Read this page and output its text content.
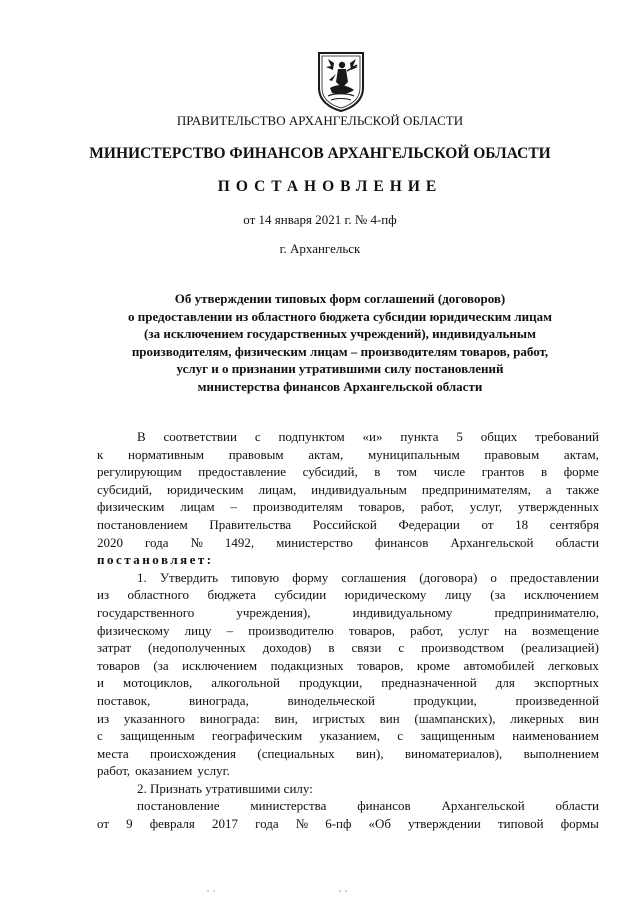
ПРАВИТЕЛЬСТВО АРХАНГЕЛЬСКОЙ ОБЛАСТИ
МИНИСТЕРСТВО ФИНАНСОВ АРХАНГЕЛЬСКОЙ ОБЛАСТИ
ПОСТАНОВЛЕНИЕ
от 14 января 2021 г. № 4-пф
г. Архангельск
Об утверждении типовых форм соглашений (договоров)
о предоставлении из областного бюджета субсидии юридическим лицам
(за исключением государственных учреждений), индивидуальным
производителям, физическим лицам – производителям товаров, работ,
услуг и о признании утратившими силу постановлений
министерства финансов Архангельской области
В соответствии с подпунктом «и» пункта 5 общих требований
к нормативным правовым актам, муниципальным правовым актам,
регулирующим предоставление субсидий, в том числе грантов в форме
субсидий, юридическим лицам, индивидуальным предпринимателям, а также
физическим лицам – производителям товаров, работ, услуг, утвержденных
постановлением Правительства Российской Федерации от 18 сентября
2020 года № 1492, министерство финансов Архангельской области
постановляет:
1. Утвердить типовую форму соглашения (договора) о предоставлении
из областного бюджета субсидии юридическому лицу (за исключением
государственного	учреждения),	индивидуальному	предпринимателю,
физическому лицу – производителю товаров, работ, услуг на возмещение
затрат (недополученных доходов) в связи с производством (реализацией)
товаров (за исключением подакцизных товаров, кроме автомобилей легковых
и мотоциклов, алкогольной продукции, предназначенной для экспортных
поставок,	винограда,	винодельческой	продукции,	произведенной
из указанного винограда: вин, игристых вин (шампанских), ликерных вин
с защищенным географическим указанием, с защищенным наименованием
места происхождения (специальных вин), виноматериалов), выполнением
работ, оказанием услуг.
2. Признать утратившими силу:
постановление министерства финансов Архангельской области
от 9 февраля 2017 года № 6-пф «Об утверждении типовой формы
